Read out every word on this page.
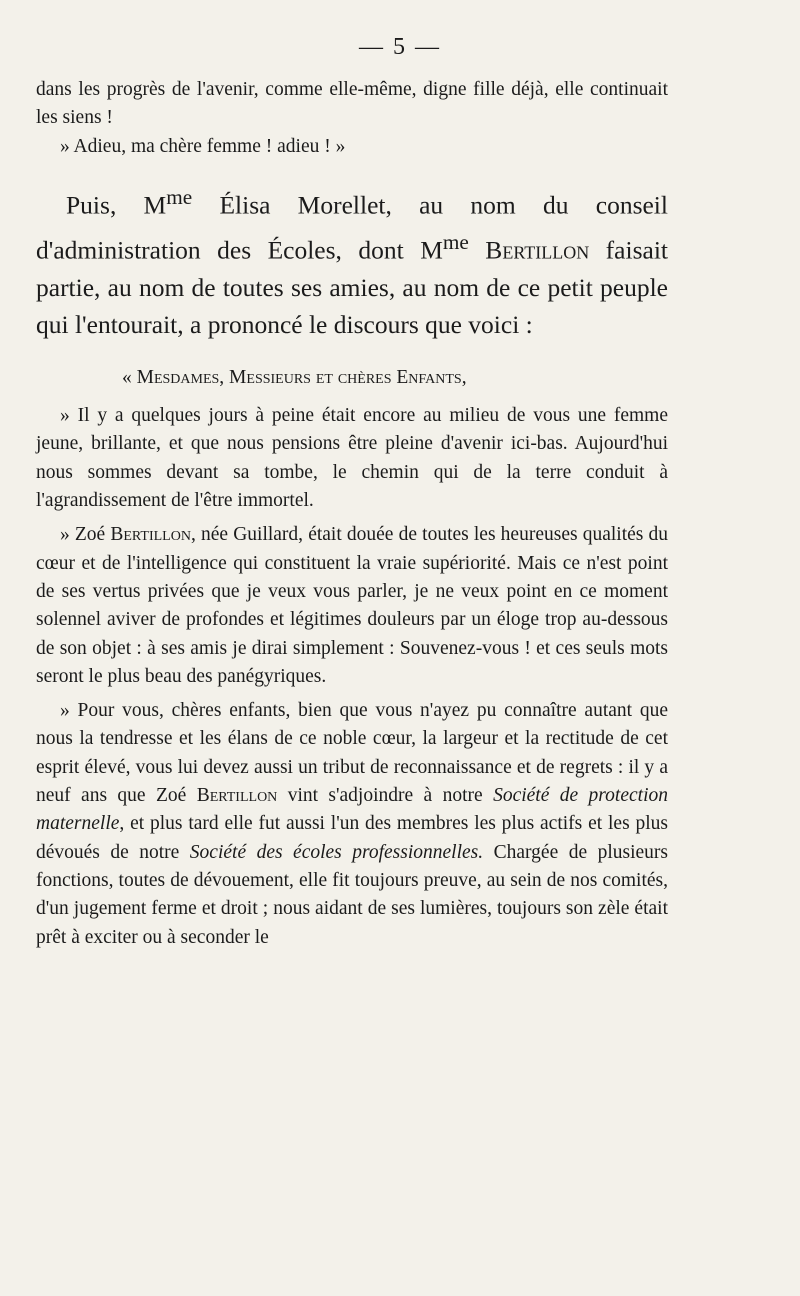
— 5 —

dans les progrès de l'avenir, comme elle-même, digne fille déjà, elle continuait les siens !

» Adieu, ma chère femme ! adieu ! »

Puis, $M^{me}$ Élisa Morellet, au nom du conseil d'administration des Écoles, dont $M^{me}$ Bertillon faisait partie, au nom de toutes ses amies, au nom de ce petit peuple qui l'entourait, a prononcé le discours que voici :

« Mesdames, Messieurs et chères Enfants,

» Il y a quelques jours à peine était encore au milieu de vous une femme jeune, brillante, et que nous pensions être pleine d'avenir ici-bas. Aujourd'hui nous sommes devant sa tombe, le chemin qui de la terre conduit à l'agrandissement de l'être immortel.

» Zoé Bertillon, née Guillard, était douée de toutes les heureuses qualités du cœur et de l'intelligence qui constituent la vraie supériorité. Mais ce n'est point de ses vertus privées que je veux vous parler, je ne veux point en ce moment solennel aviver de profondes et légitimes douleurs par un éloge trop au-dessous de son objet : à ses amis je dirai simplement : Souvenez-vous ! et ces seuls mots seront le plus beau des panégyriques.

» Pour vous, chères enfants, bien que vous n'ayez pu connaître autant que nous la tendresse et les élans de ce noble cœur, la largeur et la rectitude de cet esprit élevé, vous lui devez aussi un tribut de reconnaissance et de regrets : il y a neuf ans que Zoé Bertillon vint s'adjoindre à notre Société de protection maternelle, et plus tard elle fut aussi l'un des membres les plus actifs et les plus dévoués de notre Société des écoles professionnelles. Chargée de plusieurs fonctions, toutes de dévouement, elle fit toujours preuve, au sein de nos comités, d'un jugement ferme et droit ; nous aidant de ses lumières, toujours son zèle était prêt à exciter ou à seconder le
